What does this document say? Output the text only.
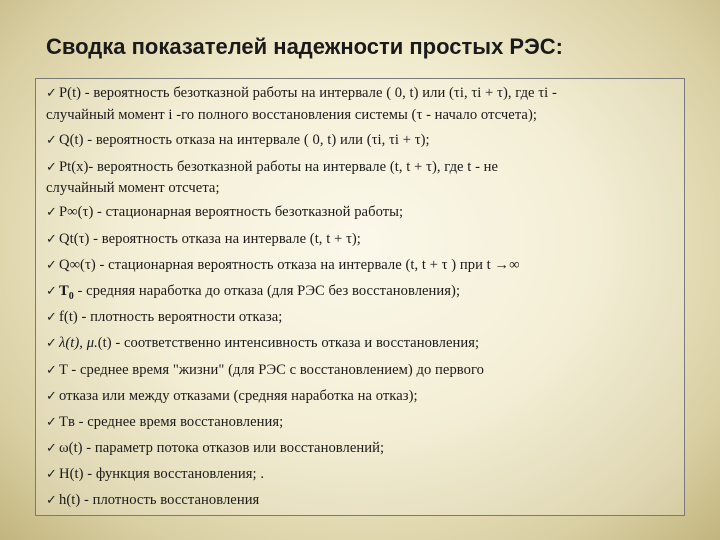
Сводка показателей надежности простых РЭС:
✓ P(t) - вероятность безотказной работы на интервале ( 0, t) или (τi, τi + τ), где τi -
случайный момент i -го полного восстановления системы (τ - начало отсчета);
✓ Q(t) - вероятность отказа на интервале ( 0, t) или (τi, τi + τ);
✓ Pt(x)- вероятность безотказной работы на интервале (t, t + τ), где t - не
случайный момент отсчета;
✓ P∞(τ) - стационарная вероятность безотказной работы;
✓ Qt(τ) - вероятность отказа на интервале (t, t + τ);
✓ Q∞(τ) - стационарная вероятность отказа на интервале (t, t + τ ) при t →∞
✓ $T_0$ - средняя наработка до отказа (для РЭС без восстановления);
✓ f(t) - плотность вероятности отказа;
✓ λ(t), μ.(t) - соответственно интенсивность отказа и восстановления;
✓ T - среднее время "жизни" (для РЭС с восстановлением) до первого
✓ отказа или между отказами (средняя наработка на отказ);
✓ Tв - среднее время восстановления;
✓ ω(t) - параметр потока отказов или восстановлений;
✓ H(t) - функция восстановления; .
✓ h(t) - плотность восстановления
